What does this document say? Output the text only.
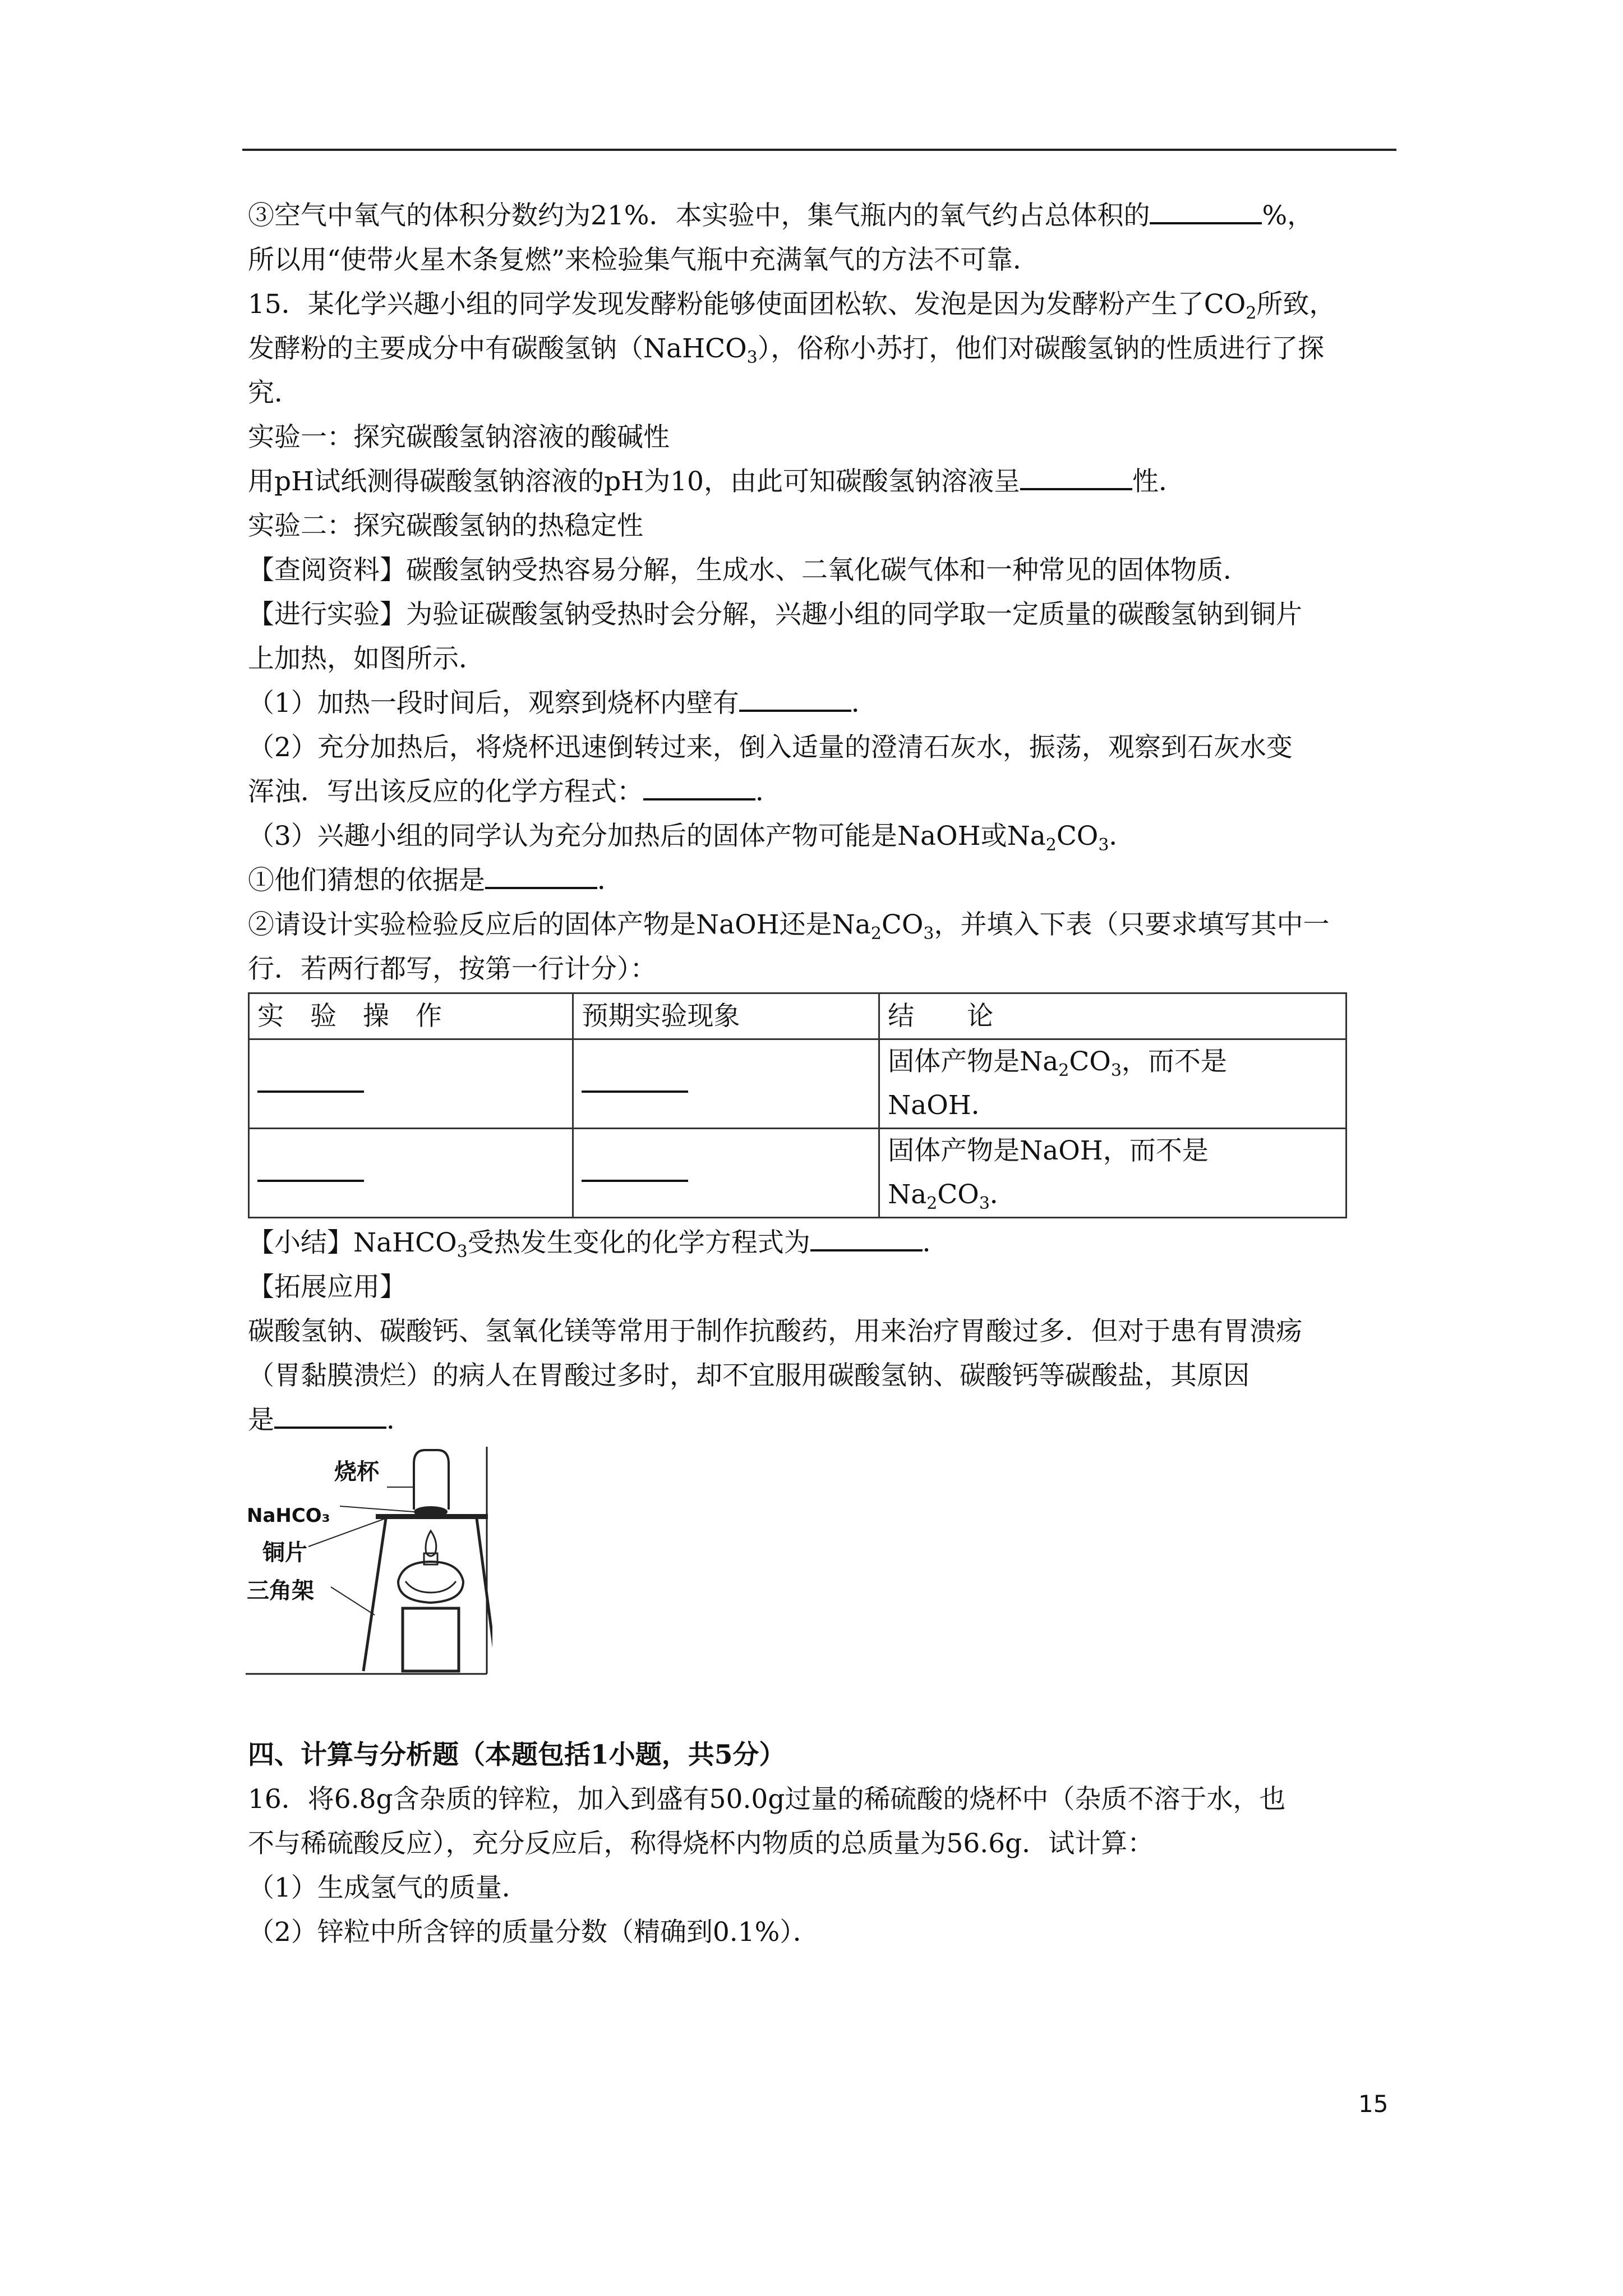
③空气中氧气的体积分数约为21%．本实验中，集气瓶内的氧气约占总体积的	%，
所以用“使带火星木条复燃”来检验集气瓶中充满氧气的方法不可靠．
15．某化学兴趣小组的同学发现发酵粉能够使面团松软、发泡是因为发酵粉产生了$CO_2$所致，
发酵粉的主要成分中有碳酸氢钠（NaHCO$_3$），俗称小苏打，他们对碳酸氢钠的性质进行了探
究．
实验一：探究碳酸氢钠溶液的酸碱性
用pH试纸测得碳酸氢钠溶液的pH为10，由此可知碳酸氢钠溶液呈	性．
实验二：探究碳酸氢钠的热稳定性
【查阅资料】碳酸氢钠受热容易分解，生成水、二氧化碳气体和一种常见的固体物质．
【进行实验】为验证碳酸氢钠受热时会分解，兴趣小组的同学取一定质量的碳酸氢钠到铜片
上加热，如图所示．
（1）加热一段时间后，观察到烧杯内壁有	．
（2）充分加热后，将烧杯迅速倒转过来，倒入适量的澄清石灰水，振荡，观察到石灰水变
浑浊．写出该反应的化学方程式：	．
（3）兴趣小组的同学认为充分加热后的固体产物可能是NaOH或$Na_2CO_3$．
①他们猜想的依据是	．
②请设计实验检验反应后的固体产物是NaOH还是$Na_2CO_3$，并填入下表（只要求填写其中一
行．若两行都写，按第一行计分）：
实　验　操　作	预期实验现象	结　　论

		固体产物是$Na_2CO_3$，而不是
NaOH．

		固体产物是NaOH，而不是
$Na_2CO_3$．
【小结】NaHCO$_3$受热发生变化的化学方程式为	．
【拓展应用】
碳酸氢钠、碳酸钙、氢氧化镁等常用于制作抗酸药，用来治疗胃酸过多．但对于患有胃溃疡
（胃黏膜溃烂）的病人在胃酸过多时，却不宜服用碳酸氢钠、碳酸钙等碳酸盐，其原因
是	．
烧杯
NaHCO₃
铜片
三角架
四、计算与分析题（本题包括1小题，共5分）
16．将6.8g含杂质的锌粒，加入到盛有50.0g过量的稀硫酸的烧杯中（杂质不溶于水，也
不与稀硫酸反应），充分反应后，称得烧杯内物质的总质量为56.6g．试计算：
（1）生成氢气的质量．
（2）锌粒中所含锌的质量分数（精确到0.1%）．
15
